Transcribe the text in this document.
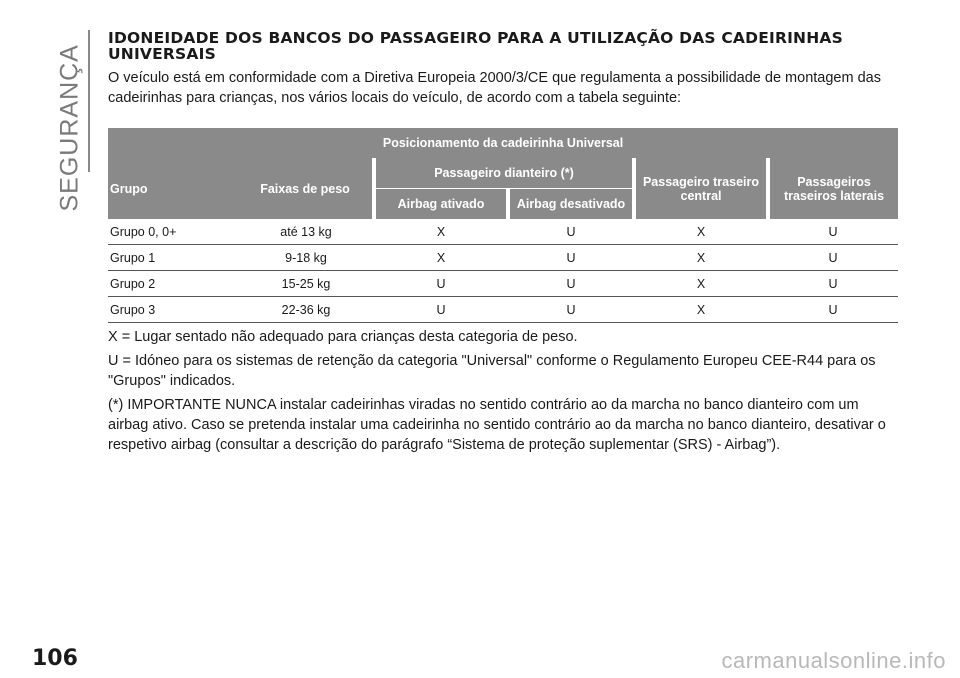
SEGURANÇA
IDONEIDADE DOS BANCOS DO PASSAGEIRO PARA A UTILIZAÇÃO DAS CADEIRINHAS UNIVERSAIS

O veículo está em conformidade com a Diretiva Europeia 2000/3/CE que regulamenta a possibilidade de montagem das cadeirinhas para crianças, nos vários locais do veículo, de acordo com a tabela seguinte:

Posicionamento da cadeirinha Universal					
Grupo	Faixas de peso	Passageiro dianteiro (*)		Passageiro traseiro central	Passageiros traseiros laterais
		Airbag ativado	Airbag desativado		
Grupo 0, 0+	até 13 kg	X	U	X	U
Grupo 1	9-18 kg	X	U	X	U
Grupo 2	15-25 kg	U	U	X	U
Grupo 3	22-36 kg	U	U	X	U

X = Lugar sentado não adequado para crianças desta categoria de peso.

U = Idóneo para os sistemas de retenção da categoria "Universal" conforme o Regulamento Europeu CEE-R44 para os "Grupos" indicados.

(*) IMPORTANTE NUNCA instalar cadeirinhas viradas no sentido contrário ao da marcha no banco dianteiro com um airbag ativo. Caso se pretenda instalar uma cadeirinha no sentido contrário ao da marcha no banco dianteiro, desativar o respetivo airbag (consultar a descrição do parágrafo “Sistema de proteção suplementar (SRS) - Airbag”).

106	carmanualsonline.info
